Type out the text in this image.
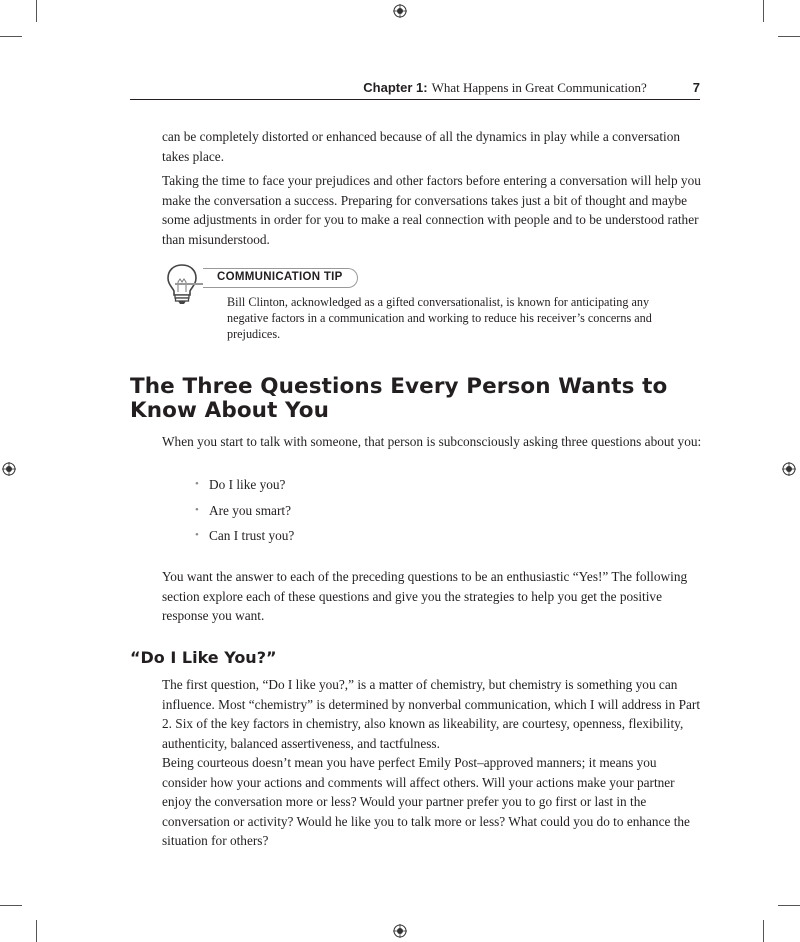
Chapter 1: What Happens in Great Communication?	7

can be completely distorted or enhanced because of all the dynamics in play while a conversation takes place.

Taking the time to face your prejudices and other factors before entering a conversation will help you make the conversation a success. Preparing for conversations takes just a bit of thought and maybe some adjustments in order for you to make a real connection with people and to be understood rather than misunderstood.

COMMUNICATION TIP

Bill Clinton, acknowledged as a gifted conversationalist, is known for anticipating any negative factors in a communication and working to reduce his receiver’s concerns and prejudices.

The Three Questions Every Person Wants to Know About You

When you start to talk with someone, that person is subconsciously asking three questions about you:

• Do I like you?
• Are you smart?
• Can I trust you?

You want the answer to each of the preceding questions to be an enthusiastic “Yes!” The following section explore each of these questions and give you the strategies to help you get the positive response you want.

“Do I Like You?”

The first question, “Do I like you?,” is a matter of chemistry, but chemistry is something you can influence. Most “chemistry” is determined by nonverbal communication, which I will address in Part 2. Six of the key factors in chemistry, also known as likeability, are courtesy, openness, flexibility, authenticity, balanced assertiveness, and tactfulness.

Being courteous doesn’t mean you have perfect Emily Post–approved manners; it means you consider how your actions and comments will affect others. Will your actions make your partner enjoy the conversation more or less? Would your partner prefer you to go first or last in the conversation or activity? Would he like you to talk more or less? What could you do to enhance the situation for others?
